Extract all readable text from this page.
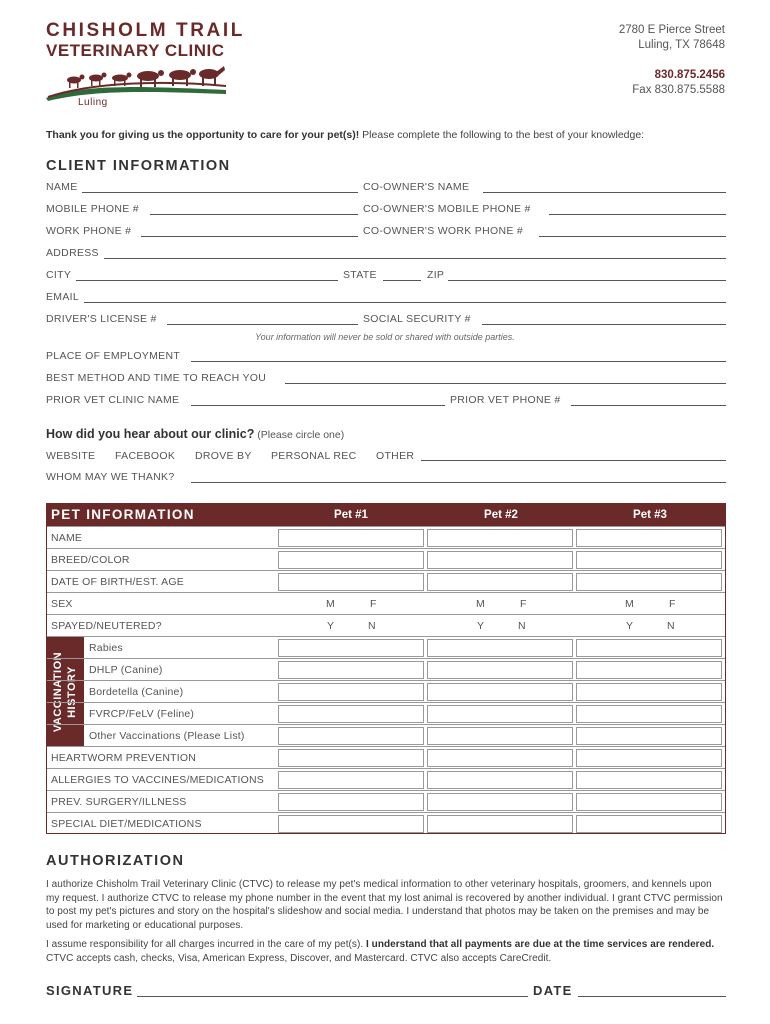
CHISHOLM TRAIL
VETERINARY CLINIC
Luling
2780 E Pierce Street
Luling, TX 78648
830.875.2456
Fax 830.875.5588
Thank you for giving us the opportunity to care for your pet(s)! Please complete the following to the best of your knowledge:
CLIENT INFORMATION
NAME	CO-OWNER'S NAME
MOBILE PHONE #	CO-OWNER'S MOBILE PHONE #
WORK PHONE #	CO-OWNER'S WORK PHONE #
ADDRESS
CITY	STATE	ZIP
EMAIL
DRIVER'S LICENSE #	SOCIAL SECURITY #
Your information will never be sold or shared with outside parties.
PLACE OF EMPLOYMENT
BEST METHOD AND TIME TO REACH YOU
PRIOR VET CLINIC NAME	PRIOR VET PHONE #
How did you hear about our clinic? (Please circle one)
WEBSITE FACEBOOK DROVE BY PERSONAL REC OTHER
WHOM MAY WE THANK?
PET INFORMATION	Pet #1	Pet #2	Pet #3
NAME
BREED/COLOR
DATE OF BIRTH/EST. AGE
SEX	M	F	M	F	M	F
SPAYED/NEUTERED?	Y	N	Y	N	Y	N
VACCINATION HISTORY
Rabies
DHLP (Canine)
Bordetella (Canine)
FVRCP/FeLV (Feline)
Other Vaccinations (Please List)
HEARTWORM PREVENTION
ALLERGIES TO VACCINES/MEDICATIONS
PREV. SURGERY/ILLNESS
SPECIAL DIET/MEDICATIONS
AUTHORIZATION
I authorize Chisholm Trail Veterinary Clinic (CTVC) to release my pet's medical information to other veterinary hospitals, groomers, and kennels upon my request. I authorize CTVC to release my phone number in the event that my lost animal is recovered by another individual. I grant CTVC permission to post my pet's pictures and story on the hospital's slideshow and social media. I understand that photos may be taken on the premises and may be used for marketing or educational purposes.
I assume responsibility for all charges incurred in the care of my pet(s). I understand that all payments are due at the time services are rendered. CTVC accepts cash, checks, Visa, American Express, Discover, and Mastercard. CTVC also accepts CareCredit.
SIGNATURE	DATE
